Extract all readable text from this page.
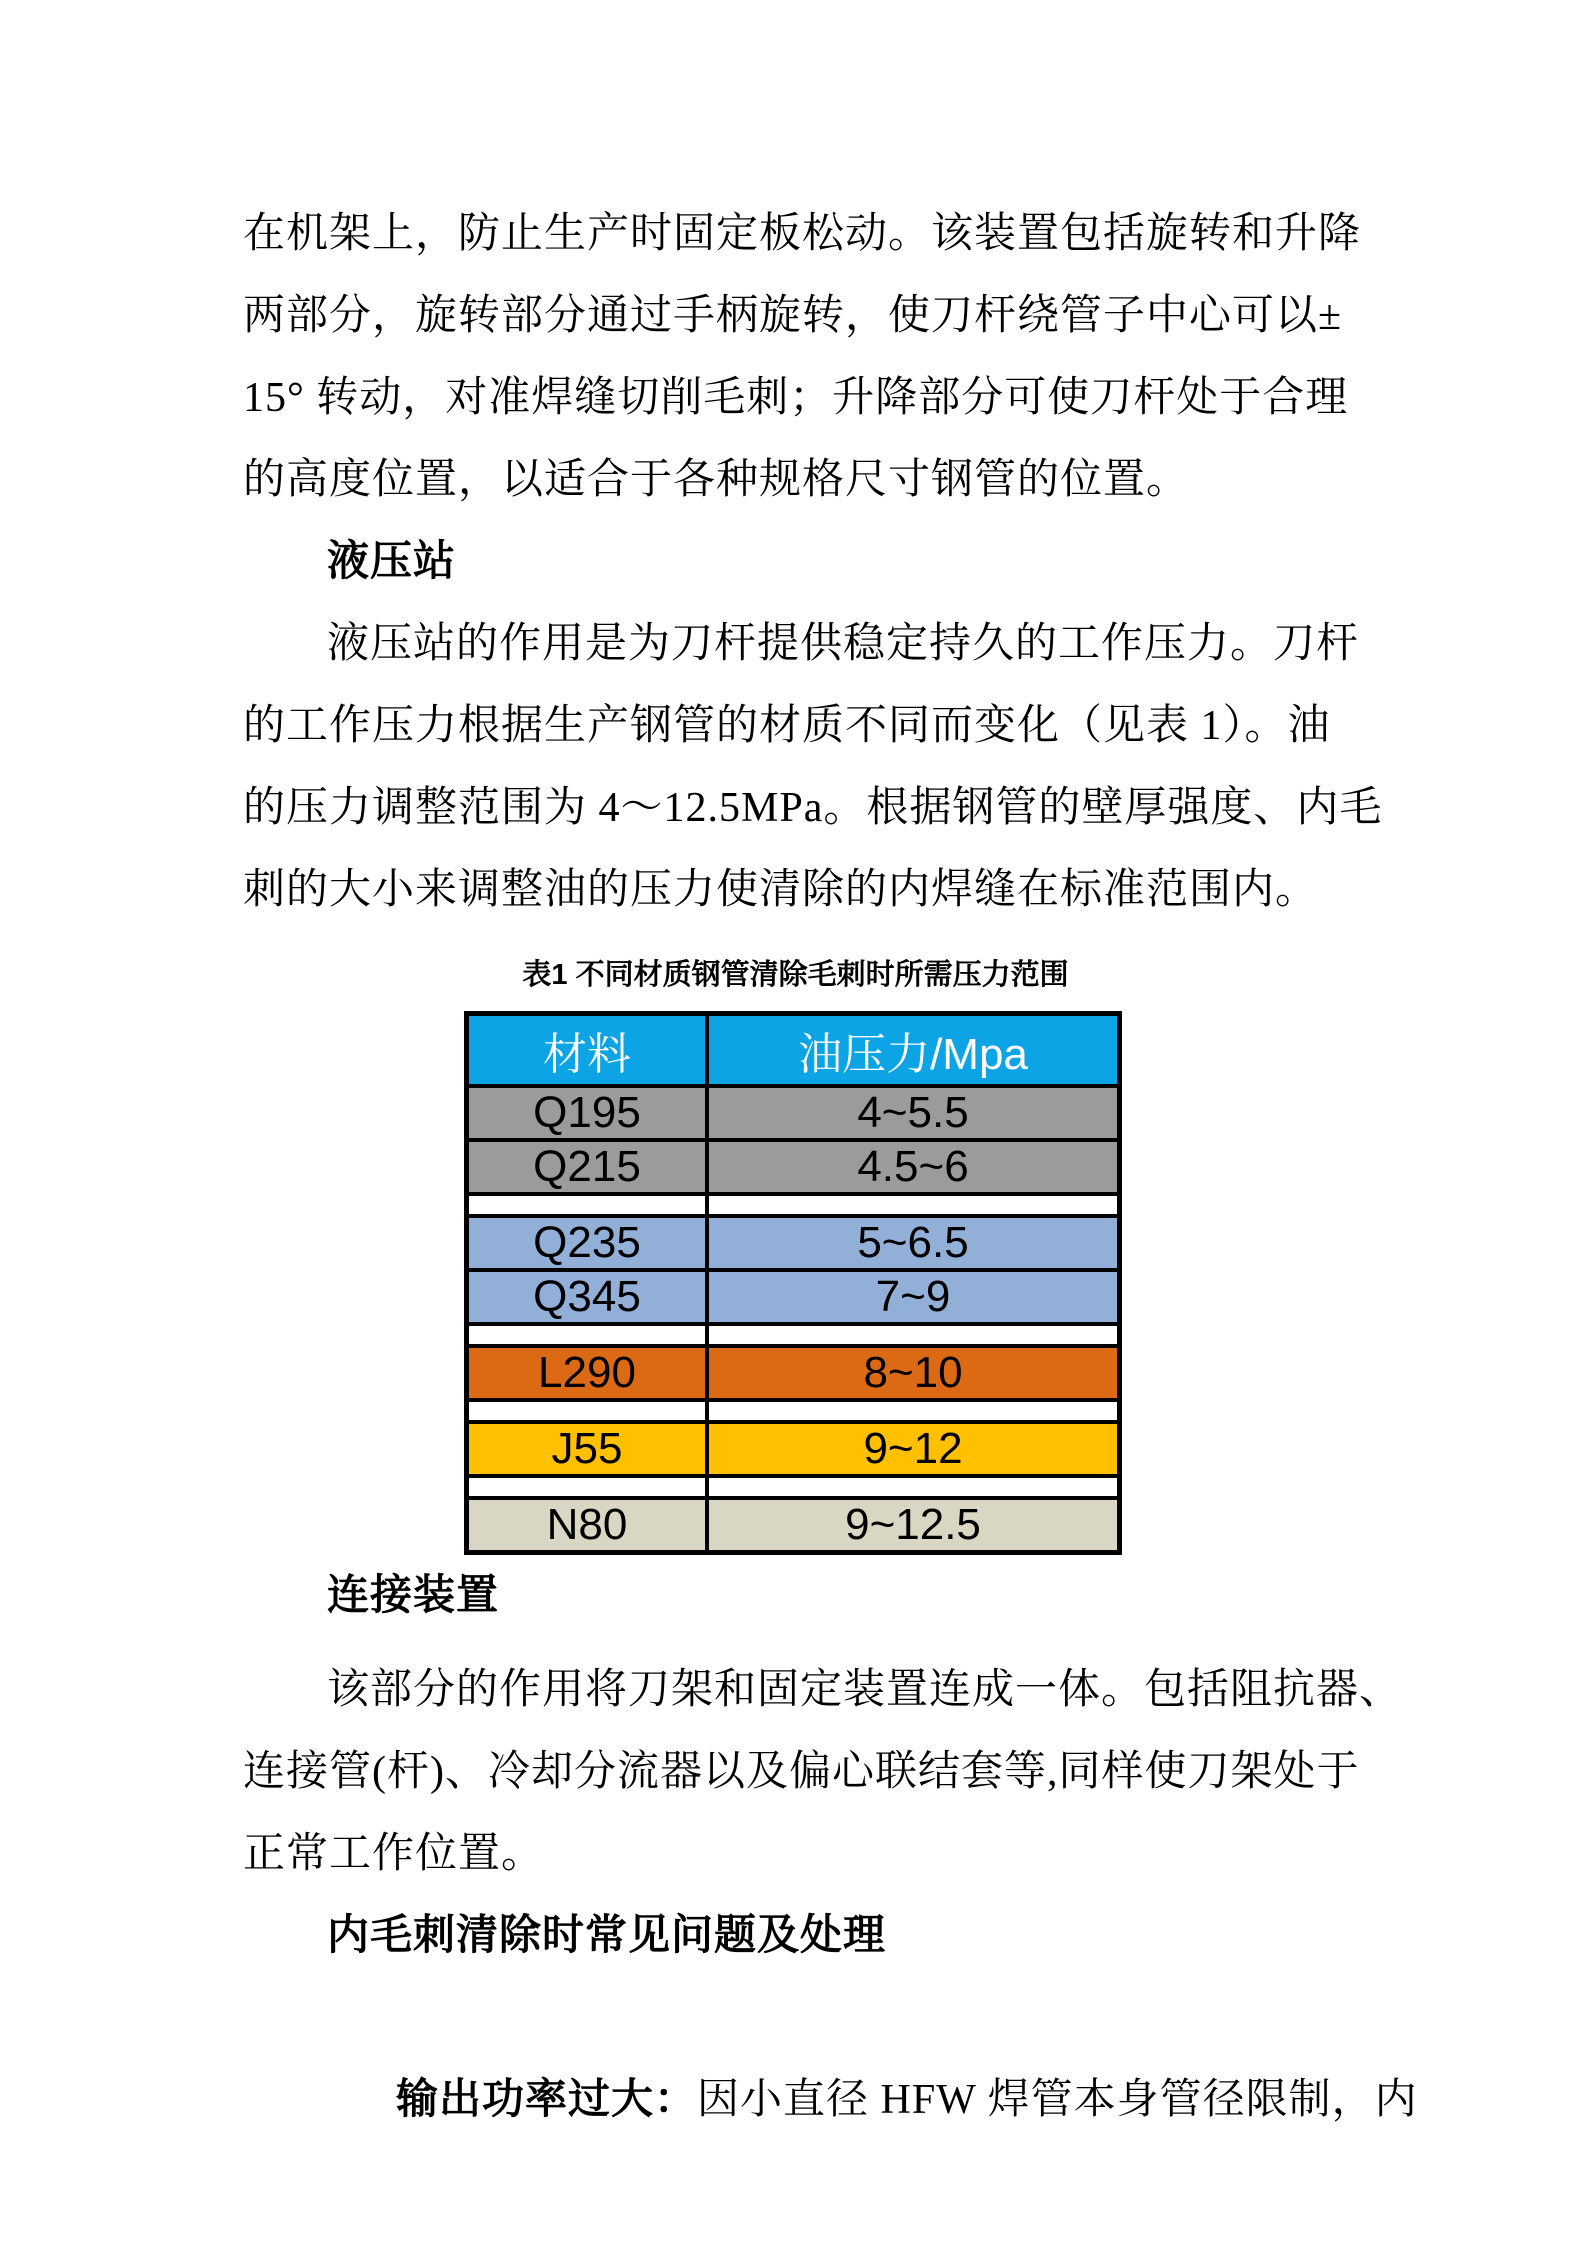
在机架上，防止生产时固定板松动。该装置包括旋转和升降
两部分，旋转部分通过手柄旋转，使刀杆绕管子中心可以±
15° 转动，对准焊缝切削毛刺；升降部分可使刀杆处于合理
的高度位置，以适合于各种规格尺寸钢管的位置。
液压站
液压站的作用是为刀杆提供稳定持久的工作压力。刀杆
的工作压力根据生产钢管的材质不同而变化（见表 1）。油
的压力调整范围为 4～12.5MPa。根据钢管的壁厚强度、内毛
刺的大小来调整油的压力使清除的内焊缝在标准范围内。
表1 不同材质钢管清除毛刺时所需压力范围
材料	油压力/Mpa
Q195	4~5.5
Q215	4.5~6

Q235	5~6.5
Q345	7~9

L290	8~10

J55	9~12

N80	9~12.5
连接装置
该部分的作用将刀架和固定装置连成一体。包括阻抗器、
连接管(杆)、冷却分流器以及偏心联结套等,同样使刀架处于
正常工作位置。
内毛刺清除时常见问题及处理

输出功率过大：因小直径 HFW 焊管本身管径限制，内
